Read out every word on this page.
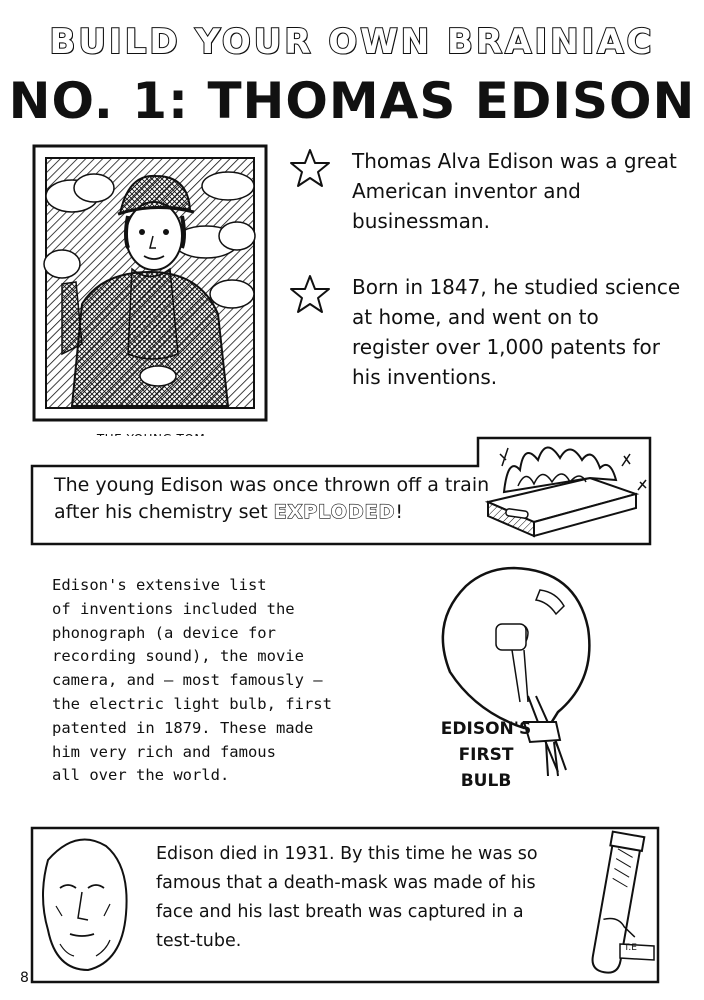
BUILD YOUR OWN BRAINIAC
NO. 1: THOMAS EDISON
Thomas Alva Edison was a great American inventor and businessman.
Born in 1847, he studied science at home, and went on to register over 1,000 patents for his inventions.
The young Edison was once thrown off a train after his chemistry set EXPLODED!
Edison's extensive list
of inventions included the
phonograph (a device for
recording sound), the movie
camera, and – most famously –
the electric light bulb, first
patented in 1879. These made
him very rich and famous
all over the world.
EDISON'S
FIRST
BULB
Edison died in 1931. By this time he was so famous that a death-mask was made of his face and his last breath was captured in a test-tube.	T.E
8
